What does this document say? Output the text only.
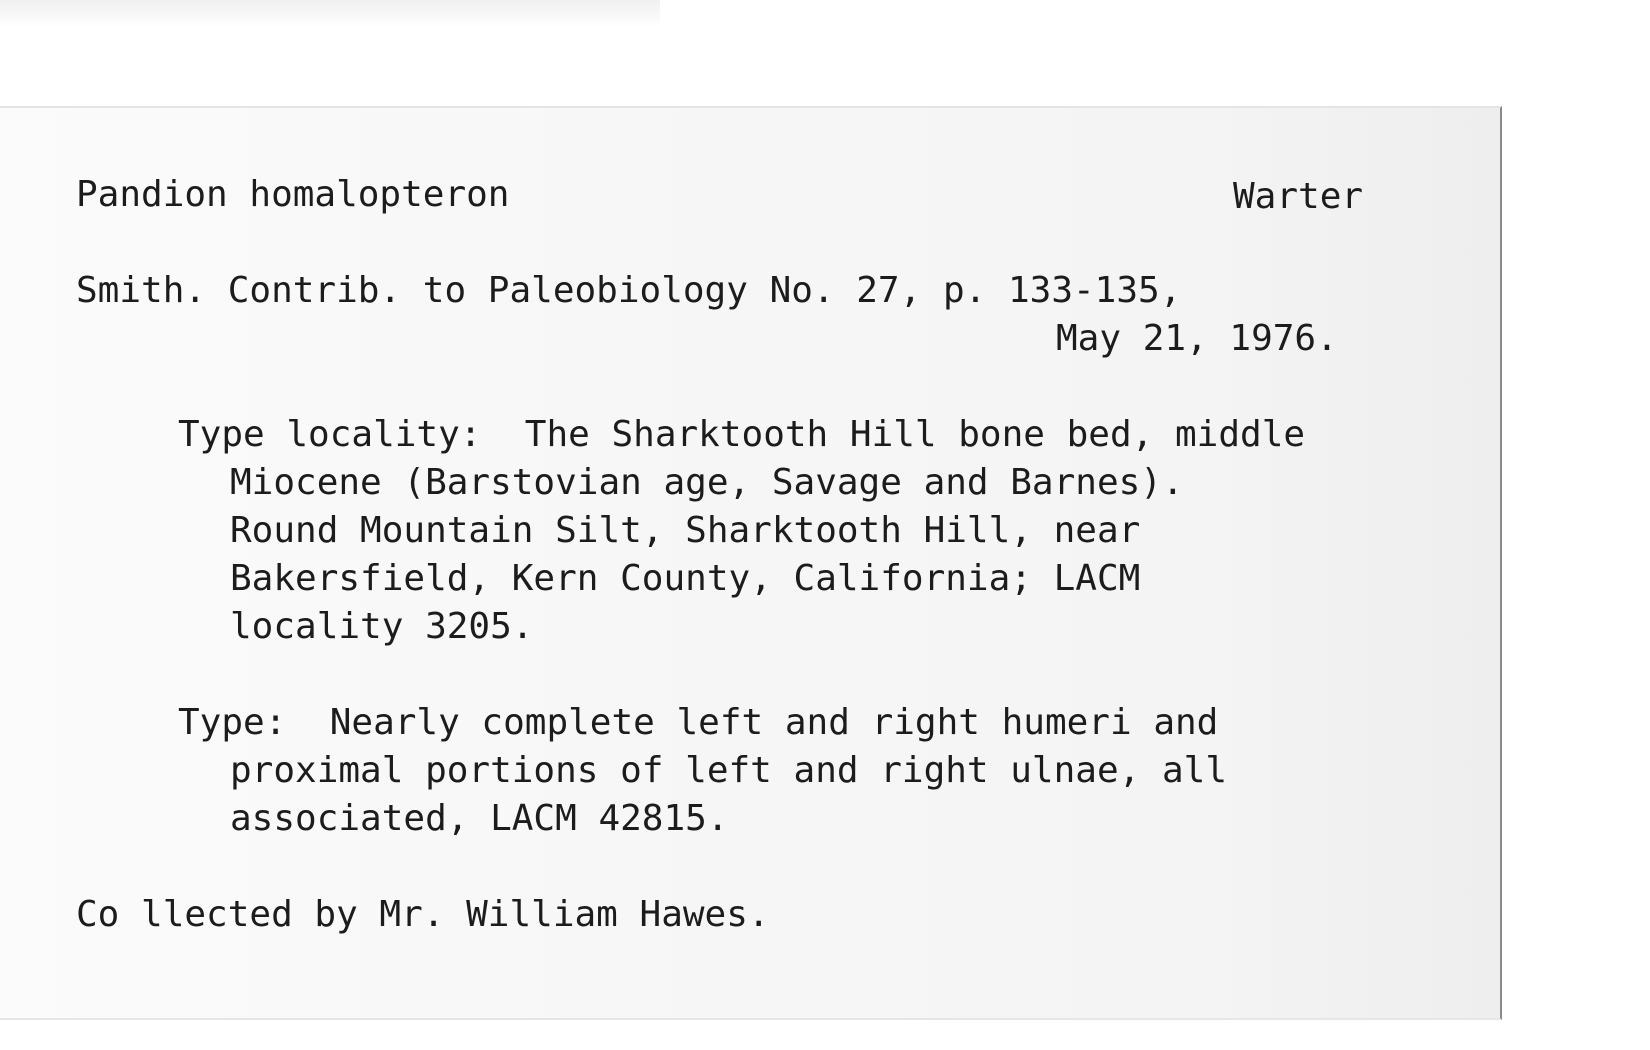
Pandion homalopteron	Warter

Smith. Contrib. to Paleobiology No. 27, p. 133-135,

May 21, 1976.

Type locality:  The Sharktooth Hill bone bed, middle

Miocene (Barstovian age, Savage and Barnes).

Round Mountain Silt, Sharktooth Hill, near

Bakersfield, Kern County, California; LACM

locality 3205.

Type:  Nearly complete left and right humeri and

proximal portions of left and right ulnae, all

associated, LACM 42815.

Co llected by Mr. William Hawes.
